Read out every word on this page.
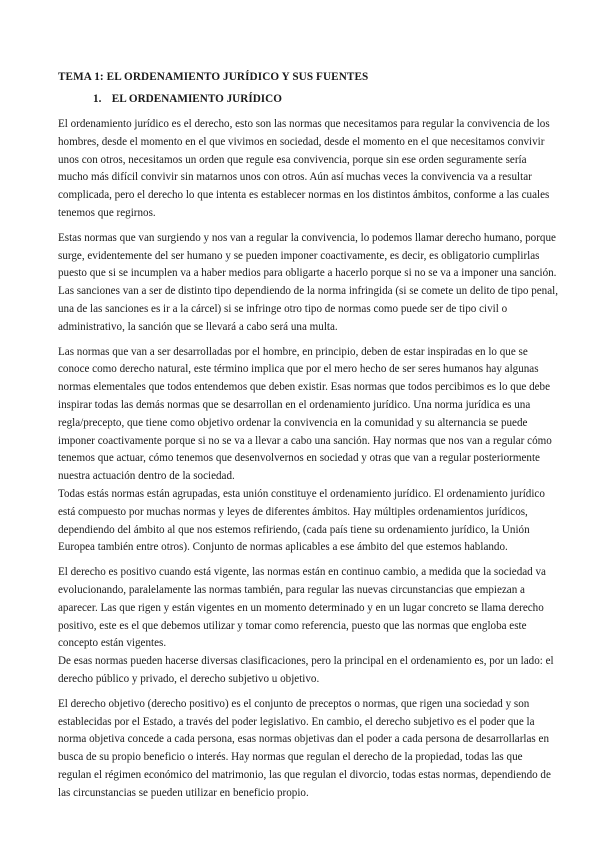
TEMA 1: EL ORDENAMIENTO JURÍDICO Y SUS FUENTES
1. EL ORDENAMIENTO JURÍDICO

El ordenamiento jurídico es el derecho, esto son las normas que necesitamos para regular la convivencia de los hombres, desde el momento en el que vivimos en sociedad, desde el momento en el que necesitamos convivir unos con otros, necesitamos un orden que regule esa convivencia, porque sin ese orden seguramente sería mucho más difícil convivir sin matarnos unos con otros. Aún así muchas veces la convivencia va a resultar complicada, pero el derecho lo que intenta es establecer normas en los distintos ámbitos, conforme a las cuales tenemos que regirnos.

Estas normas que van surgiendo y nos van a regular la convivencia, lo podemos llamar derecho humano, porque surge, evidentemente del ser humano y se pueden imponer coactivamente, es decir, es obligatorio cumplirlas puesto que si se incumplen va a haber medios para obligarte a hacerlo porque si no se va a imponer una sanción. Las sanciones van a ser de distinto tipo dependiendo de la norma infringida (si se comete un delito de tipo penal, una de las sanciones es ir a la cárcel) si se infringe otro tipo de normas como puede ser de tipo civil o administrativo, la sanción que se llevará a cabo será una multa.

Las normas que van a ser desarrolladas por el hombre, en principio, deben de estar inspiradas en lo que se conoce como derecho natural, este término implica que por el mero hecho de ser seres humanos hay algunas normas elementales que todos entendemos que deben existir. Esas normas que todos percibimos es lo que debe inspirar todas las demás normas que se desarrollan en el ordenamiento jurídico. Una norma jurídica es una regla/precepto, que tiene como objetivo ordenar la convivencia en la comunidad y su alternancia se puede imponer coactivamente porque si no se va a llevar a cabo una sanción. Hay normas que nos van a regular cómo tenemos que actuar, cómo tenemos que desenvolvernos en sociedad y otras que van a regular posteriormente nuestra actuación dentro de la sociedad.

Todas estás normas están agrupadas, esta unión constituye el ordenamiento jurídico. El ordenamiento jurídico está compuesto por muchas normas y leyes de diferentes ámbitos. Hay múltiples ordenamientos jurídicos, dependiendo del ámbito al que nos estemos refiriendo, (cada país tiene su ordenamiento jurídico, la Unión Europea también entre otros). Conjunto de normas aplicables a ese ámbito del que estemos hablando.

El derecho es positivo cuando está vigente, las normas están en continuo cambio, a medida que la sociedad va evolucionando, paralelamente las normas también, para regular las nuevas circunstancias que empiezan a aparecer. Las que rigen y están vigentes en un momento determinado y en un lugar concreto se llama derecho positivo, este es el que debemos utilizar y tomar como referencia, puesto que las normas que engloba este concepto están vigentes.

De esas normas pueden hacerse diversas clasificaciones, pero la principal en el ordenamiento es, por un lado: el derecho público y privado, el derecho subjetivo u objetivo.

El derecho objetivo (derecho positivo) es el conjunto de preceptos o normas, que rigen una sociedad y son establecidas por el Estado, a través del poder legislativo. En cambio, el derecho subjetivo es el poder que la norma objetiva concede a cada persona, esas normas objetivas dan el poder a cada persona de desarrollarlas en busca de su propio beneficio o interés. Hay normas que regulan el derecho de la propiedad, todas las que regulan el régimen económico del matrimonio, las que regulan el divorcio, todas estas normas, dependiendo de las circunstancias se pueden utilizar en beneficio propio.
